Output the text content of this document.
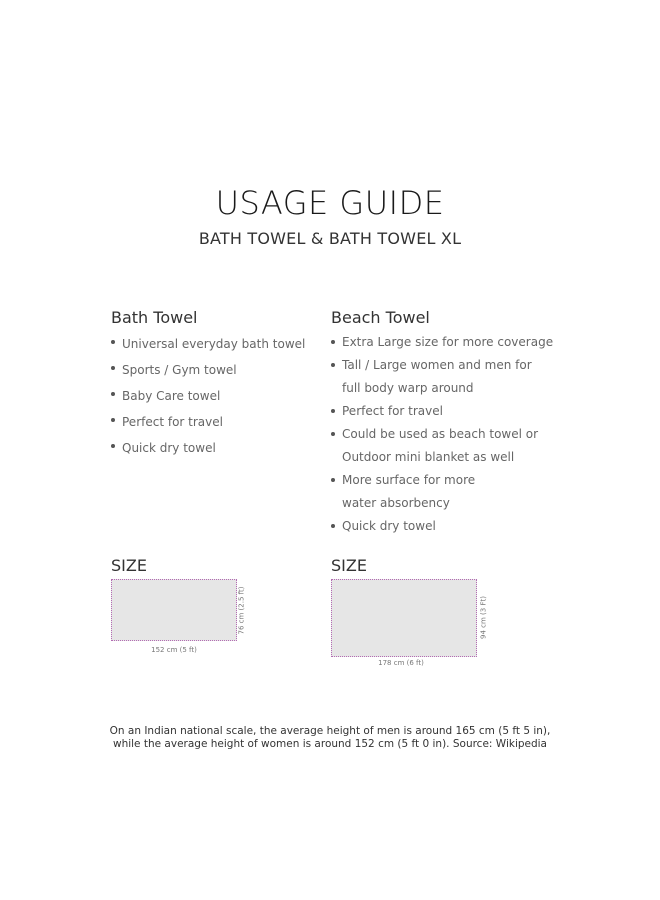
USAGE GUIDE
BATH TOWEL & BATH TOWEL XL
Bath Towel
Universal everyday bath towel
Sports / Gym towel
Baby Care towel
Perfect for travel
Quick dry towel
Beach Towel
Extra Large size for more coverage
Tall / Large women and men for
full body warp around
Perfect for travel
Could be used as beach towel or
Outdoor mini blanket as well
More surface for more
water absorbency
Quick dry towel
SIZE	SIZE
152 cm (5 ft)
76 cm (2.5 ft)
178 cm (6 ft)
94 cm (3 Ft)
On an Indian national scale, the average height of men is around 165 cm (5 ft 5 in),
while the average height of women is around 152 cm (5 ft 0 in). Source: Wikipedia
